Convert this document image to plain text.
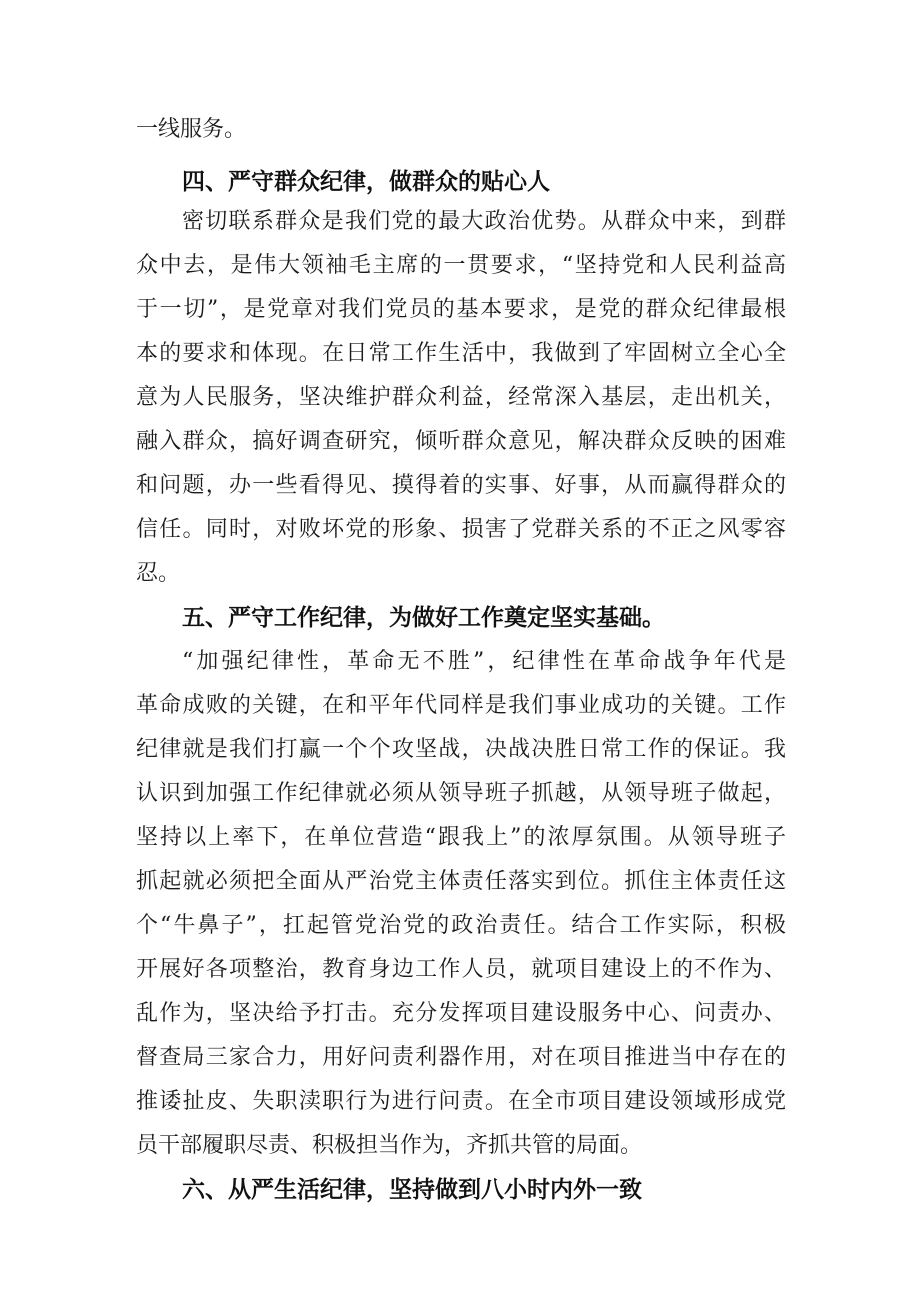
一线服务。
四、严守群众纪律，做群众的贴心人
密切联系群众是我们党的最大政治优势。从群众中来，到群
众中去，是伟大领袖毛主席的一贯要求，“坚持党和人民利益高
于一切”，是党章对我们党员的基本要求，是党的群众纪律最根
本的要求和体现。在日常工作生活中，我做到了牢固树立全心全
意为人民服务，坚决维护群众利益，经常深入基层，走出机关，
融入群众，搞好调查研究，倾听群众意见，解决群众反映的困难
和问题，办一些看得见、摸得着的实事、好事，从而赢得群众的
信任。同时，对败坏党的形象、损害了党群关系的不正之风零容
忍。
五、严守工作纪律，为做好工作奠定坚实基础。
“加强纪律性，革命无不胜”，纪律性在革命战争年代是
革命成败的关键，在和平年代同样是我们事业成功的关键。工作
纪律就是我们打赢一个个攻坚战，决战决胜日常工作的保证。我
认识到加强工作纪律就必须从领导班子抓越，从领导班子做起，
坚持以上率下，在单位营造“跟我上”的浓厚氛围。从领导班子
抓起就必须把全面从严治党主体责任落实到位。抓住主体责任这
个“牛鼻子”，扛起管党治党的政治责任。结合工作实际，积极
开展好各项整治，教育身边工作人员，就项目建设上的不作为、
乱作为，坚决给予打击。充分发挥项目建设服务中心、问责办、
督查局三家合力，用好问责利器作用，对在项目推进当中存在的
推诿扯皮、失职渎职行为进行问责。在全市项目建设领域形成党
员干部履职尽责、积极担当作为，齐抓共管的局面。
六、从严生活纪律，坚持做到八小时内外一致
